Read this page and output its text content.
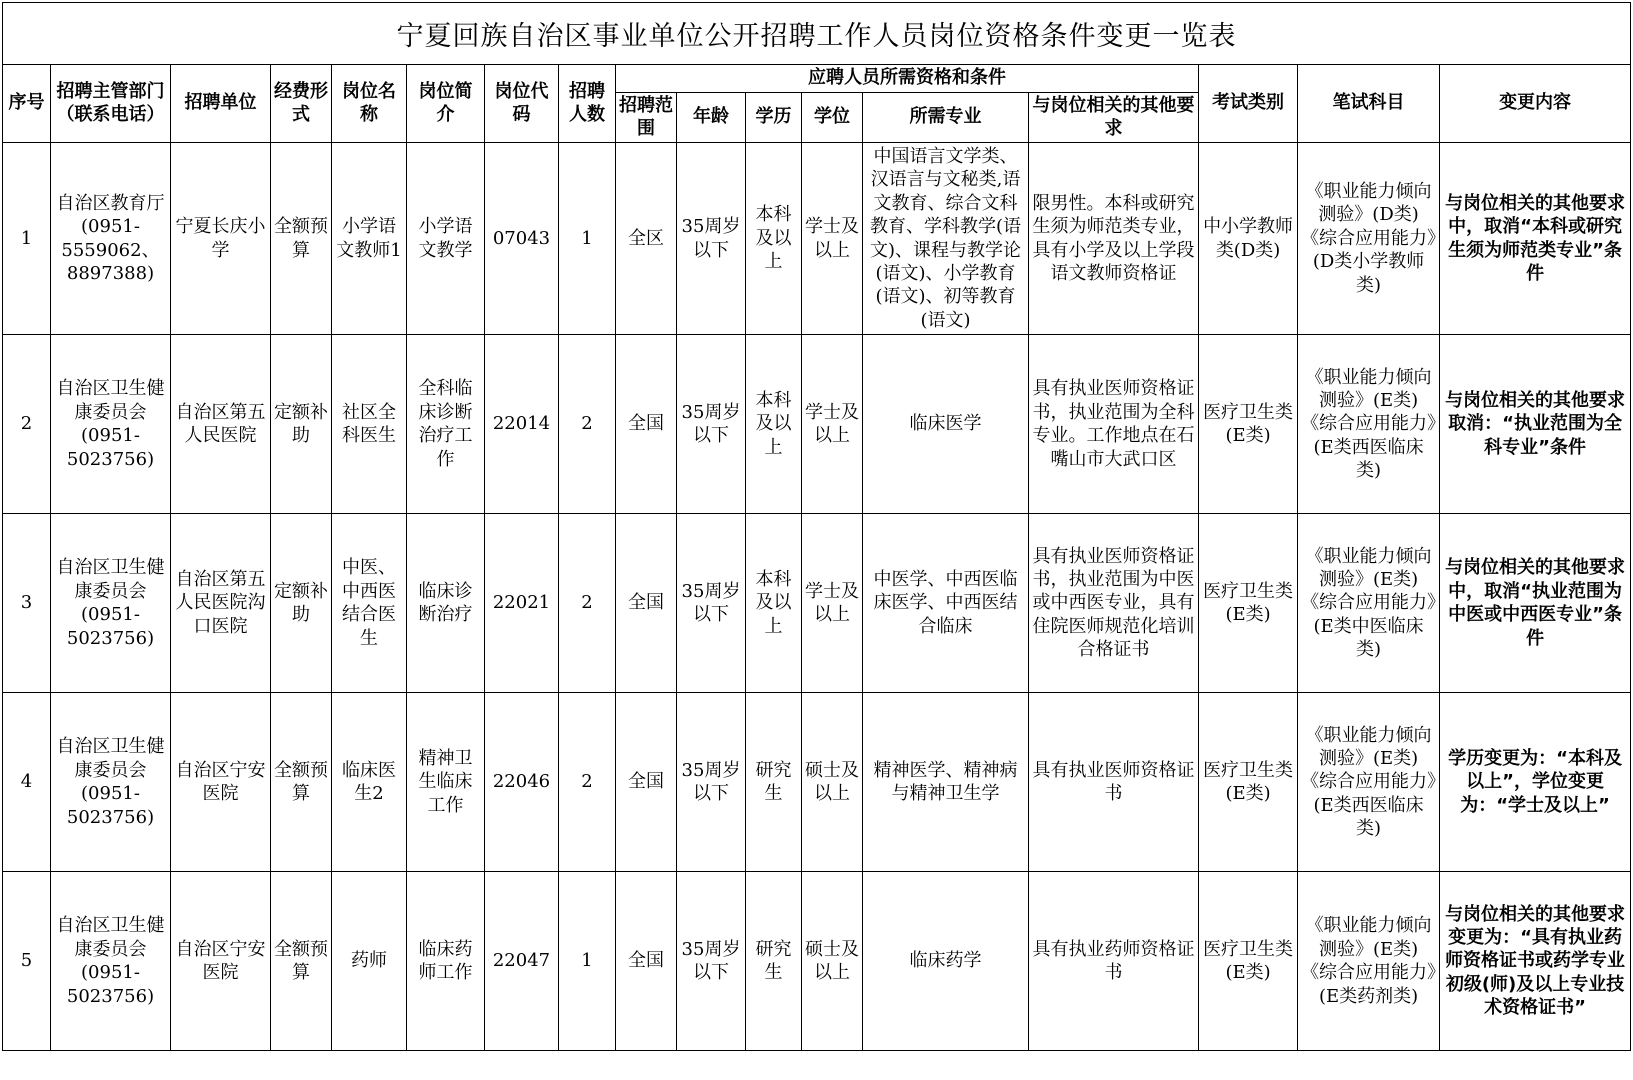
宁夏回族自治区事业单位公开招聘工作人员岗位资格条件变更一览表
序号	招聘主管部门（联系电话）	招聘单位	经费形式	岗位名称	岗位简介	岗位代码	招聘人数	应聘人员所需资格和条件						考试类别	笔试科目	变更内容
								招聘范围	年龄	学历	学位	所需专业	与岗位相关的其他要求			
1	自治区教育厅(0951-5559062、8897388)	宁夏长庆小学	全额预算	小学语文教师1	小学语文教学	07043	1	全区	35周岁以下	本科及以上	学士及以上	中国语言文学类、汉语言与文秘类,语文教育、综合文科教育、学科教学(语文)、课程与教学论(语文)、小学教育(语文)、初等教育(语文)	限男性。本科或研究生须为师范类专业，具有小学及以上学段语文教师资格证	中小学教师类(D类)	《职业能力倾向测验》(D类)《综合应用能力》(D类小学教师类)	与岗位相关的其他要求中，取消“本科或研究生须为师范类专业”条件
2	自治区卫生健康委员会(0951-5023756)	自治区第五人民医院	定额补助	社区全科医生	全科临床诊断治疗工作	22014	2	全国	35周岁以下	本科及以上	学士及以上	临床医学	具有执业医师资格证书，执业范围为全科专业。工作地点在石嘴山市大武口区	医疗卫生类(E类)	《职业能力倾向测验》(E类)《综合应用能力》(E类西医临床类)	与岗位相关的其他要求取消：“执业范围为全科专业”条件
3	自治区卫生健康委员会(0951-5023756)	自治区第五人民医院沟口医院	定额补助	中医、中西医结合医生	临床诊断治疗	22021	2	全国	35周岁以下	本科及以上	学士及以上	中医学、中西医临床医学、中西医结合临床	具有执业医师资格证书，执业范围为中医或中西医专业，具有住院医师规范化培训合格证书	医疗卫生类(E类)	《职业能力倾向测验》(E类)《综合应用能力》(E类中医临床类)	与岗位相关的其他要求中，取消“执业范围为中医或中西医专业”条件
4	自治区卫生健康委员会(0951-5023756)	自治区宁安医院	全额预算	临床医生2	精神卫生临床工作	22046	2	全国	35周岁以下	研究生	硕士及以上	精神医学、精神病与精神卫生学	具有执业医师资格证书	医疗卫生类(E类)	《职业能力倾向测验》(E类)《综合应用能力》(E类西医临床类)	学历变更为：“本科及以上”，学位变更为：“学士及以上”
5	自治区卫生健康委员会(0951-5023756)	自治区宁安医院	全额预算	药师	临床药师工作	22047	1	全国	35周岁以下	研究生	硕士及以上	临床药学	具有执业药师资格证书	医疗卫生类(E类)	《职业能力倾向测验》(E类)《综合应用能力》(E类药剂类)	与岗位相关的其他要求变更为：“具有执业药师资格证书或药学专业初级(师)及以上专业技术资格证书”
